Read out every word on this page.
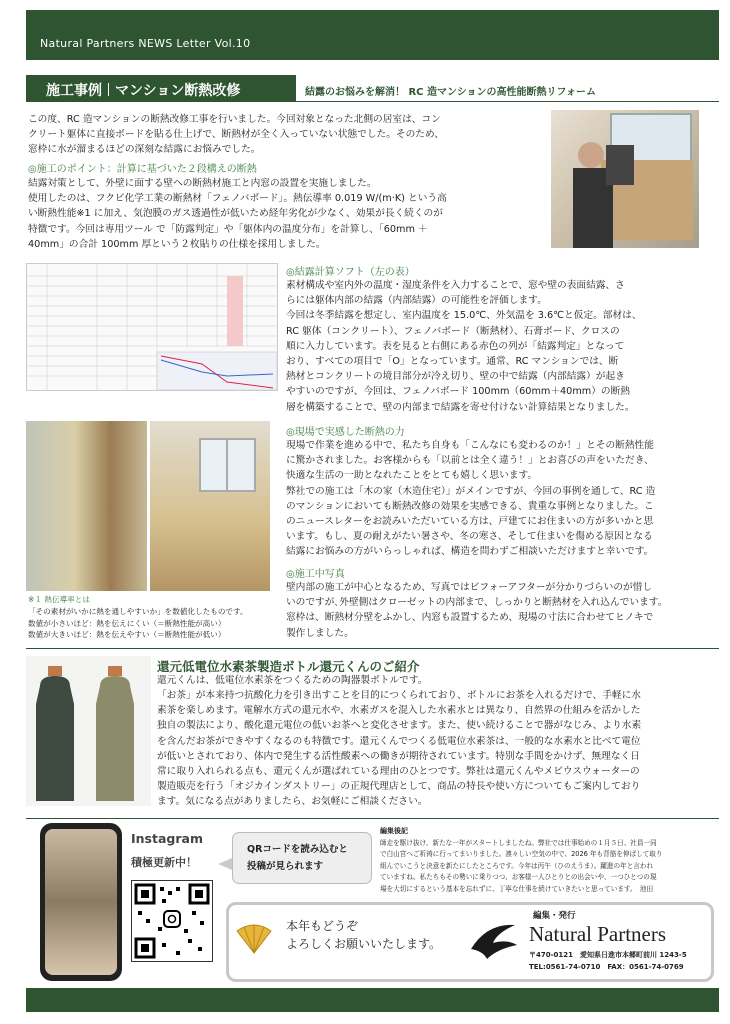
Natural Partners NEWS Letter Vol.10
施工事例 マンション断熱改修	結露のお悩みを解消！ RC 造マンションの高性能断熱リフォーム
この度、RC 造マンションの断熱改修工事を行いました。今回対象となった北側の居室は、コン
クリート躯体に直接ボードを貼る仕上げで、断熱材が全く入っていない状態でした。そのため、
窓枠に水が溜まるほどの深刻な結露にお悩みでした。
◎施工のポイント：計算に基づいた２段構えの断熱
結露対策として、外壁に面する壁への断熱材施工と内窓の設置を実施しました。
使用したのは、フクビ化学工業の断熱材「フェノバボード」。熱伝導率 0.019 W/(m·K) という高
い断熱性能※1 に加え、気泡膜のガス透過性が低いため経年劣化が少なく、効果が長く続くのが
特徴です。今回は専用ツール で「防露判定」や「躯体内の温度分布」を計算し、「60mm ＋
40mm」の合計 100mm 厚という２枚貼りの仕様を採用しました。
◎結露計算ソフト（左の表）
素材構成や室内外の温度・湿度条件を入力することで、窓や壁の表面結露、さ
らには躯体内部の結露（内部結露）の可能性を評価します。
今回は冬季結露を想定し、室内温度を 15.0℃、外気温を 3.6℃と仮定。部材は、
RC 躯体（コンクリート）、フェノバボード（断熱材）、石膏ボード、クロスの
順に入力しています。表を見ると右側にある赤色の列が「結露判定」となって
おり、すべての項目で「O」となっています。通常、RC マンションでは、断
熱材とコンクリートの境目部分が冷え切り、壁の中で結露（内部結露）が起き
やすいのですが、今回は、フェノバボード 100mm（60mm＋40mm）の断熱
層を構築することで、壁の内部まで結露を寄せ付けない計算結果となりました。
※１ 熱伝導率とは
「その素材がいかに熱を通しやすいか」を数値化したものです。
数値が小さいほど：熱を伝えにくい（＝断熱性能が高い）
数値が大きいほど：熱を伝えやすい（＝断熱性能が低い）
◎現場で実感した断熱の力
現場で作業を進める中で、私たち自身も「こんなにも変わるのか！」とその断熱性能
に驚かされました。お客様からも「以前とは全く違う！」とお喜びの声をいただき、
快適な生活の一助となれたことをとても嬉しく思います。
弊社での施工は「木の家（木造住宅）」がメインですが、今回の事例を通して、RC 造
のマンションにおいても断熱改修の効果を実感できる、貴重な事例となりました。こ
のニュースレターをお読みいただいている方は、戸建てにお住まいの方が多いかと思
います。もし、夏の耐えがたい暑さや、冬の寒さ、そして住まいを傷める原因となる
結露にお悩みの方がいらっしゃれば、構造を問わずご相談いただけますと幸いです。
◎施工中写真
壁内部の施工が中心となるため、写真ではビフォーアフターが分かりづらいのが惜し
いのですが､外壁側はクローゼットの内部まで、しっかりと断熱材を入れ込んでいます。
窓枠は、断熱材分壁をふかし、内窓も設置するため、現場の寸法に合わせてヒノキで
製作しました。
還元低電位水素茶製造ボトル還元くんのご紹介
還元くんは、低電位水素茶をつくるための陶器製ボトルです。
「お茶」が本来持つ抗酸化力を引き出すことを目的につくられており、ボトルにお茶を入れるだけで、手軽に水
素茶を楽しめます。電解水方式の還元水や、水素ガスを混入した水素水とは異なり、自然界の仕組みを活かした
独自の製法により、酸化還元電位の低いお茶へと変化させます。また、使い続けることで器がなじみ、より水素
を含んだお茶ができやすくなるのも特徴です。還元くんでつくる低電位水素茶は、一般的な水素水と比べて電位
が低いとされており、体内で発生する活性酸素への働きが期待されています。特別な手間をかけず、無理なく日
常に取り入れられる点も、還元くんが選ばれている理由のひとつです。弊社は還元くんやメビウスウォーターの
製造販売を行う「オジカインダストリー」の正規代理店として、商品の特長や使い方についてもご案内しており
ます。気になる点がありましたら、お気軽にご相談ください。
Instagram
積極更新中！
QRコードを読み込むと
投稿が見られます
編集後記
師走を駆け抜け、新たな一年がスタートしましたね。弊社では仕事始めの１月５日、社員一同
で白山宮へご祈祷に行ってまいりました。凛々しい空気の中で、2026 年も背筋を伸ばして取り
組んでいこうと決意を新たにしたところです。今年は丙午（ひのえうま）。躍進の年と言われ
ていますね。私たちもその勢いに乗りつつ、お客様一人ひとりとの出会いや、一つひとつの現
場を大切にするという基本を忘れずに、丁寧な仕事を続けていきたいと思っています。　池田
本年もどうぞ
よろしくお願いいたします。
編集・発行
Natural Partners
〒470-0121　愛知県日進市本郷町前川 1243-5
TEL:0561-74-0710　FAX：0561-74-0769
